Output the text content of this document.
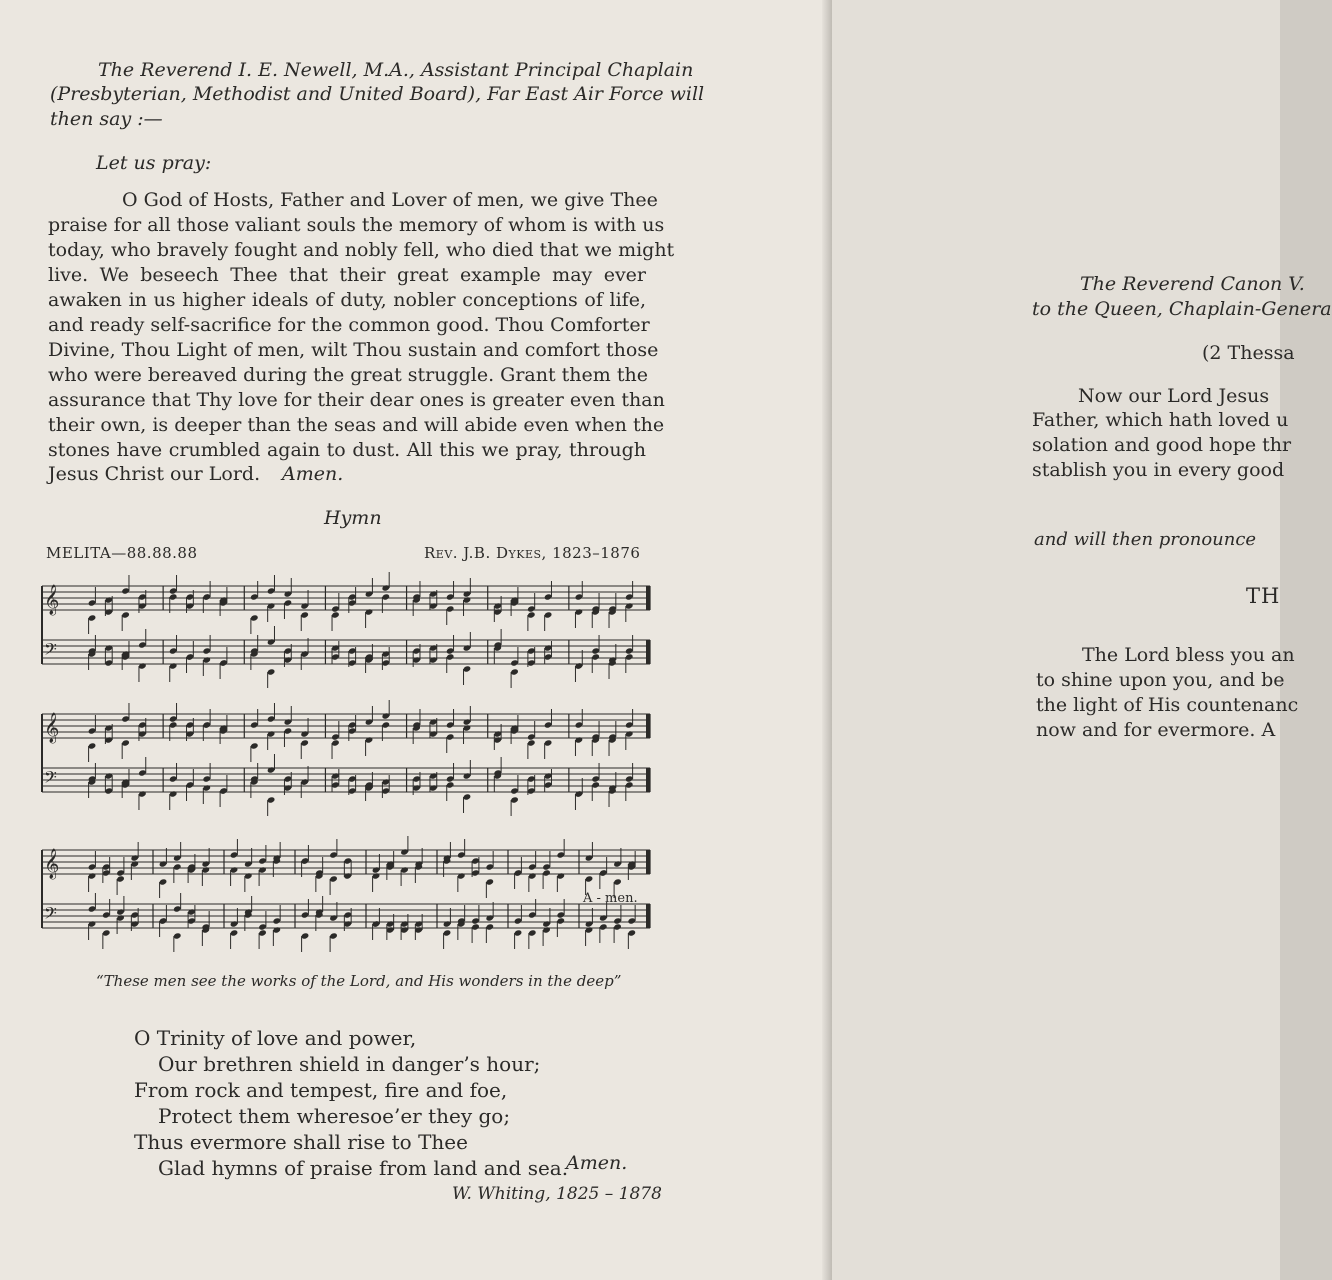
The Reverend I. E. Newell, M.A., Assistant Principal Chaplain
(Presbyterian, Methodist and United Board), Far East Air Force will
then say :—
Let us pray:
O God of Hosts, Father and Lover of men, we give Thee
praise for all those valiant souls the memory of whom is with us
today, who bravely fought and nobly fell, who died that we might
live. We beseech Thee that their great example may ever
awaken in us higher ideals of duty, nobler conceptions of life,
and ready self-sacrifice for the common good. Thou Comforter
Divine, Thou Light of men, wilt Thou sustain and comfort those
who were bereaved during the great struggle. Grant them the
assurance that Thy love for their dear ones is greater even than
their own, is deeper than the seas and will abide even when the
stones have crumbled again to dust. All this we pray, through
Jesus Christ our Lord. Amen.
Hymn
MELITA—88.88.88	Rev. J.B. Dykes, 1823–1876
𝄞
𝄢
𝄞
𝄢
𝄞
𝄢
A - men.
“These men see the works of the Lord, and His wonders in the deep”
O Trinity of love and power,
Our brethren shield in danger’s hour;
From rock and tempest, fire and foe,
Protect them wheresoe’er they go;
Thus evermore shall rise to Thee
Glad hymns of praise from land and sea.
Amen.
W. Whiting, 1825 – 1878
The Reverend Canon V.
to the Queen, Chaplain-Genera
(2 Thessa
Now our Lord Jesus
Father, which hath loved u
solation and good hope thr
stablish you in every good
and will then pronounce
TH
The Lord bless you an
to shine upon you, and be
the light of His countenanc
now and for evermore. A
